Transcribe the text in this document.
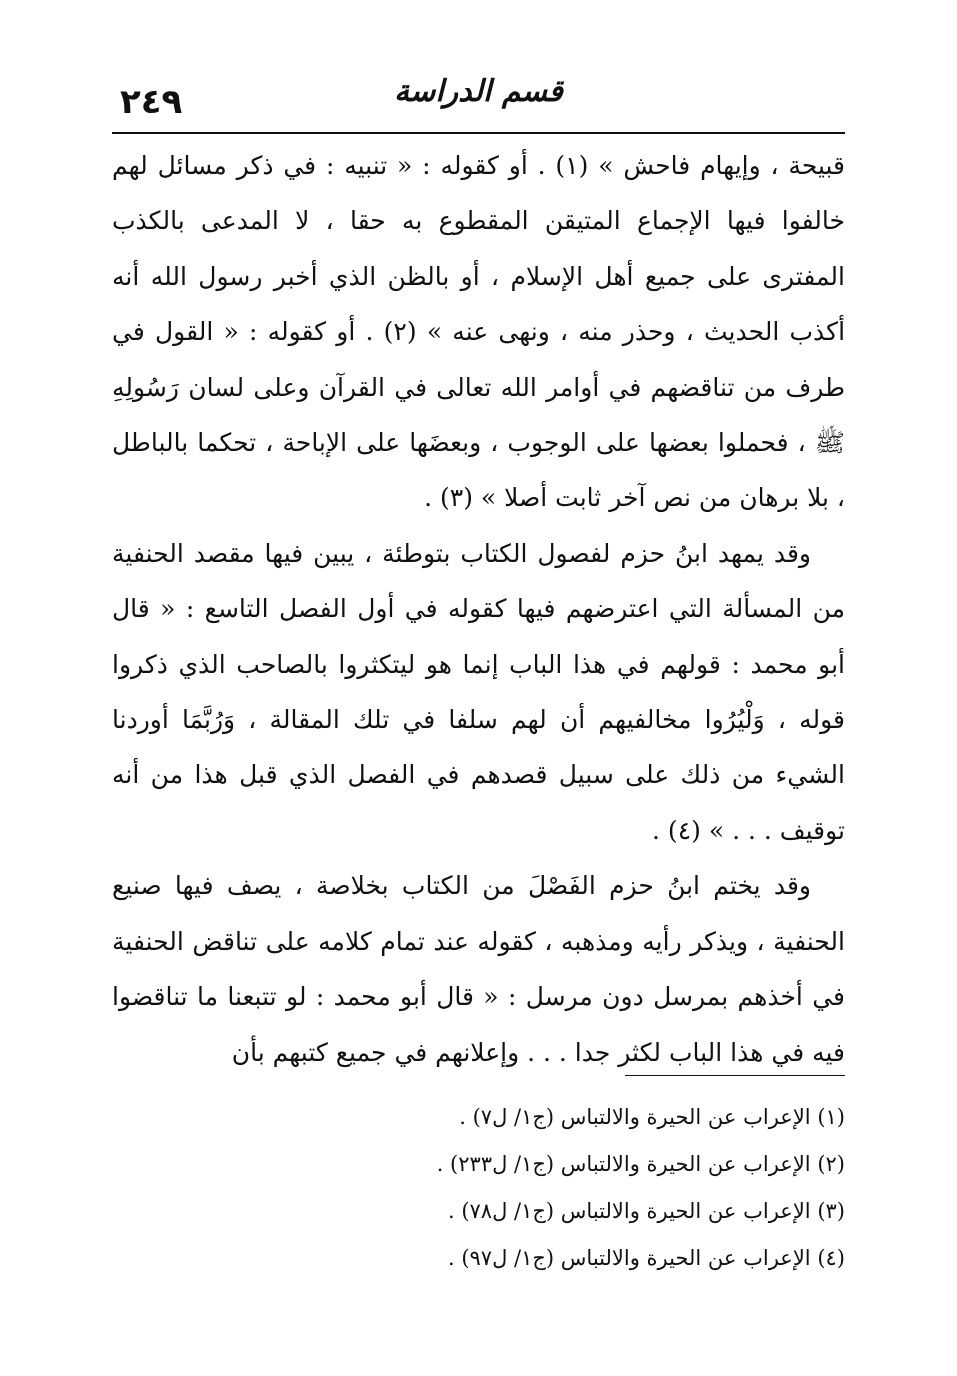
٢٤٩	قسم الدراسة

قبيحة ، وإيهام فاحش » (١) . أو كقوله : « تنبيه : في ذكر مسائل لهم خالفوا فيها الإجماع المتيقن المقطوع به حقا ، لا المدعى بالكذب المفترى على جميع أهل الإسلام ، أو بالظن الذي أخبر رسول الله أنه أكذب الحديث ، وحذر منه ، ونهى عنه » (٢) . أو كقوله : « القول في طرف من تناقضهم في أوامر الله تعالى في القرآن وعلى لسان رَسُولِهِ ﷺ ، فحملوا بعضها على الوجوب ، وبعضَها على الإباحة ، تحكما بالباطل ، بلا برهان من نص آخر ثابت أصلا » (٣) .

وقد يمهد ابنُ حزم لفصول الكتاب بتوطئة ، يبين فيها مقصد الحنفية من المسألة التي اعترضهم فيها كقوله في أول الفصل التاسع : « قال أبو محمد : قولهم في هذا الباب إنما هو ليتكثروا بالصاحب الذي ذكروا قوله ، وَلْيُرُوا مخالفيهم أن لهم سلفا في تلك المقالة ، وَرُبَّمَا أوردنا الشيء من ذلك على سبيل قصدهم في الفصل الذي قبل هذا من أنه توقيف . . . » (٤) .

وقد يختم ابنُ حزم الفَصْلَ من الكتاب بخلاصة ، يصف فيها صنيع الحنفية ، ويذكر رأيه ومذهبه ، كقوله عند تمام كلامه على تناقض الحنفية في أخذهم بمرسل دون مرسل : « قال أبو محمد : لو تتبعنا ما تناقضوا فيه في هذا الباب لكثر جدا . . . وإعلانهم في جميع كتبهم بأن

(١) الإعراب عن الحيرة والالتباس (ج١/ ل٧) .
(٢) الإعراب عن الحيرة والالتباس (ج١/ ل٢٣٣) .
(٣) الإعراب عن الحيرة والالتباس (ج١/ ل٧٨) .
(٤) الإعراب عن الحيرة والالتباس (ج١/ ل٩٧) .
